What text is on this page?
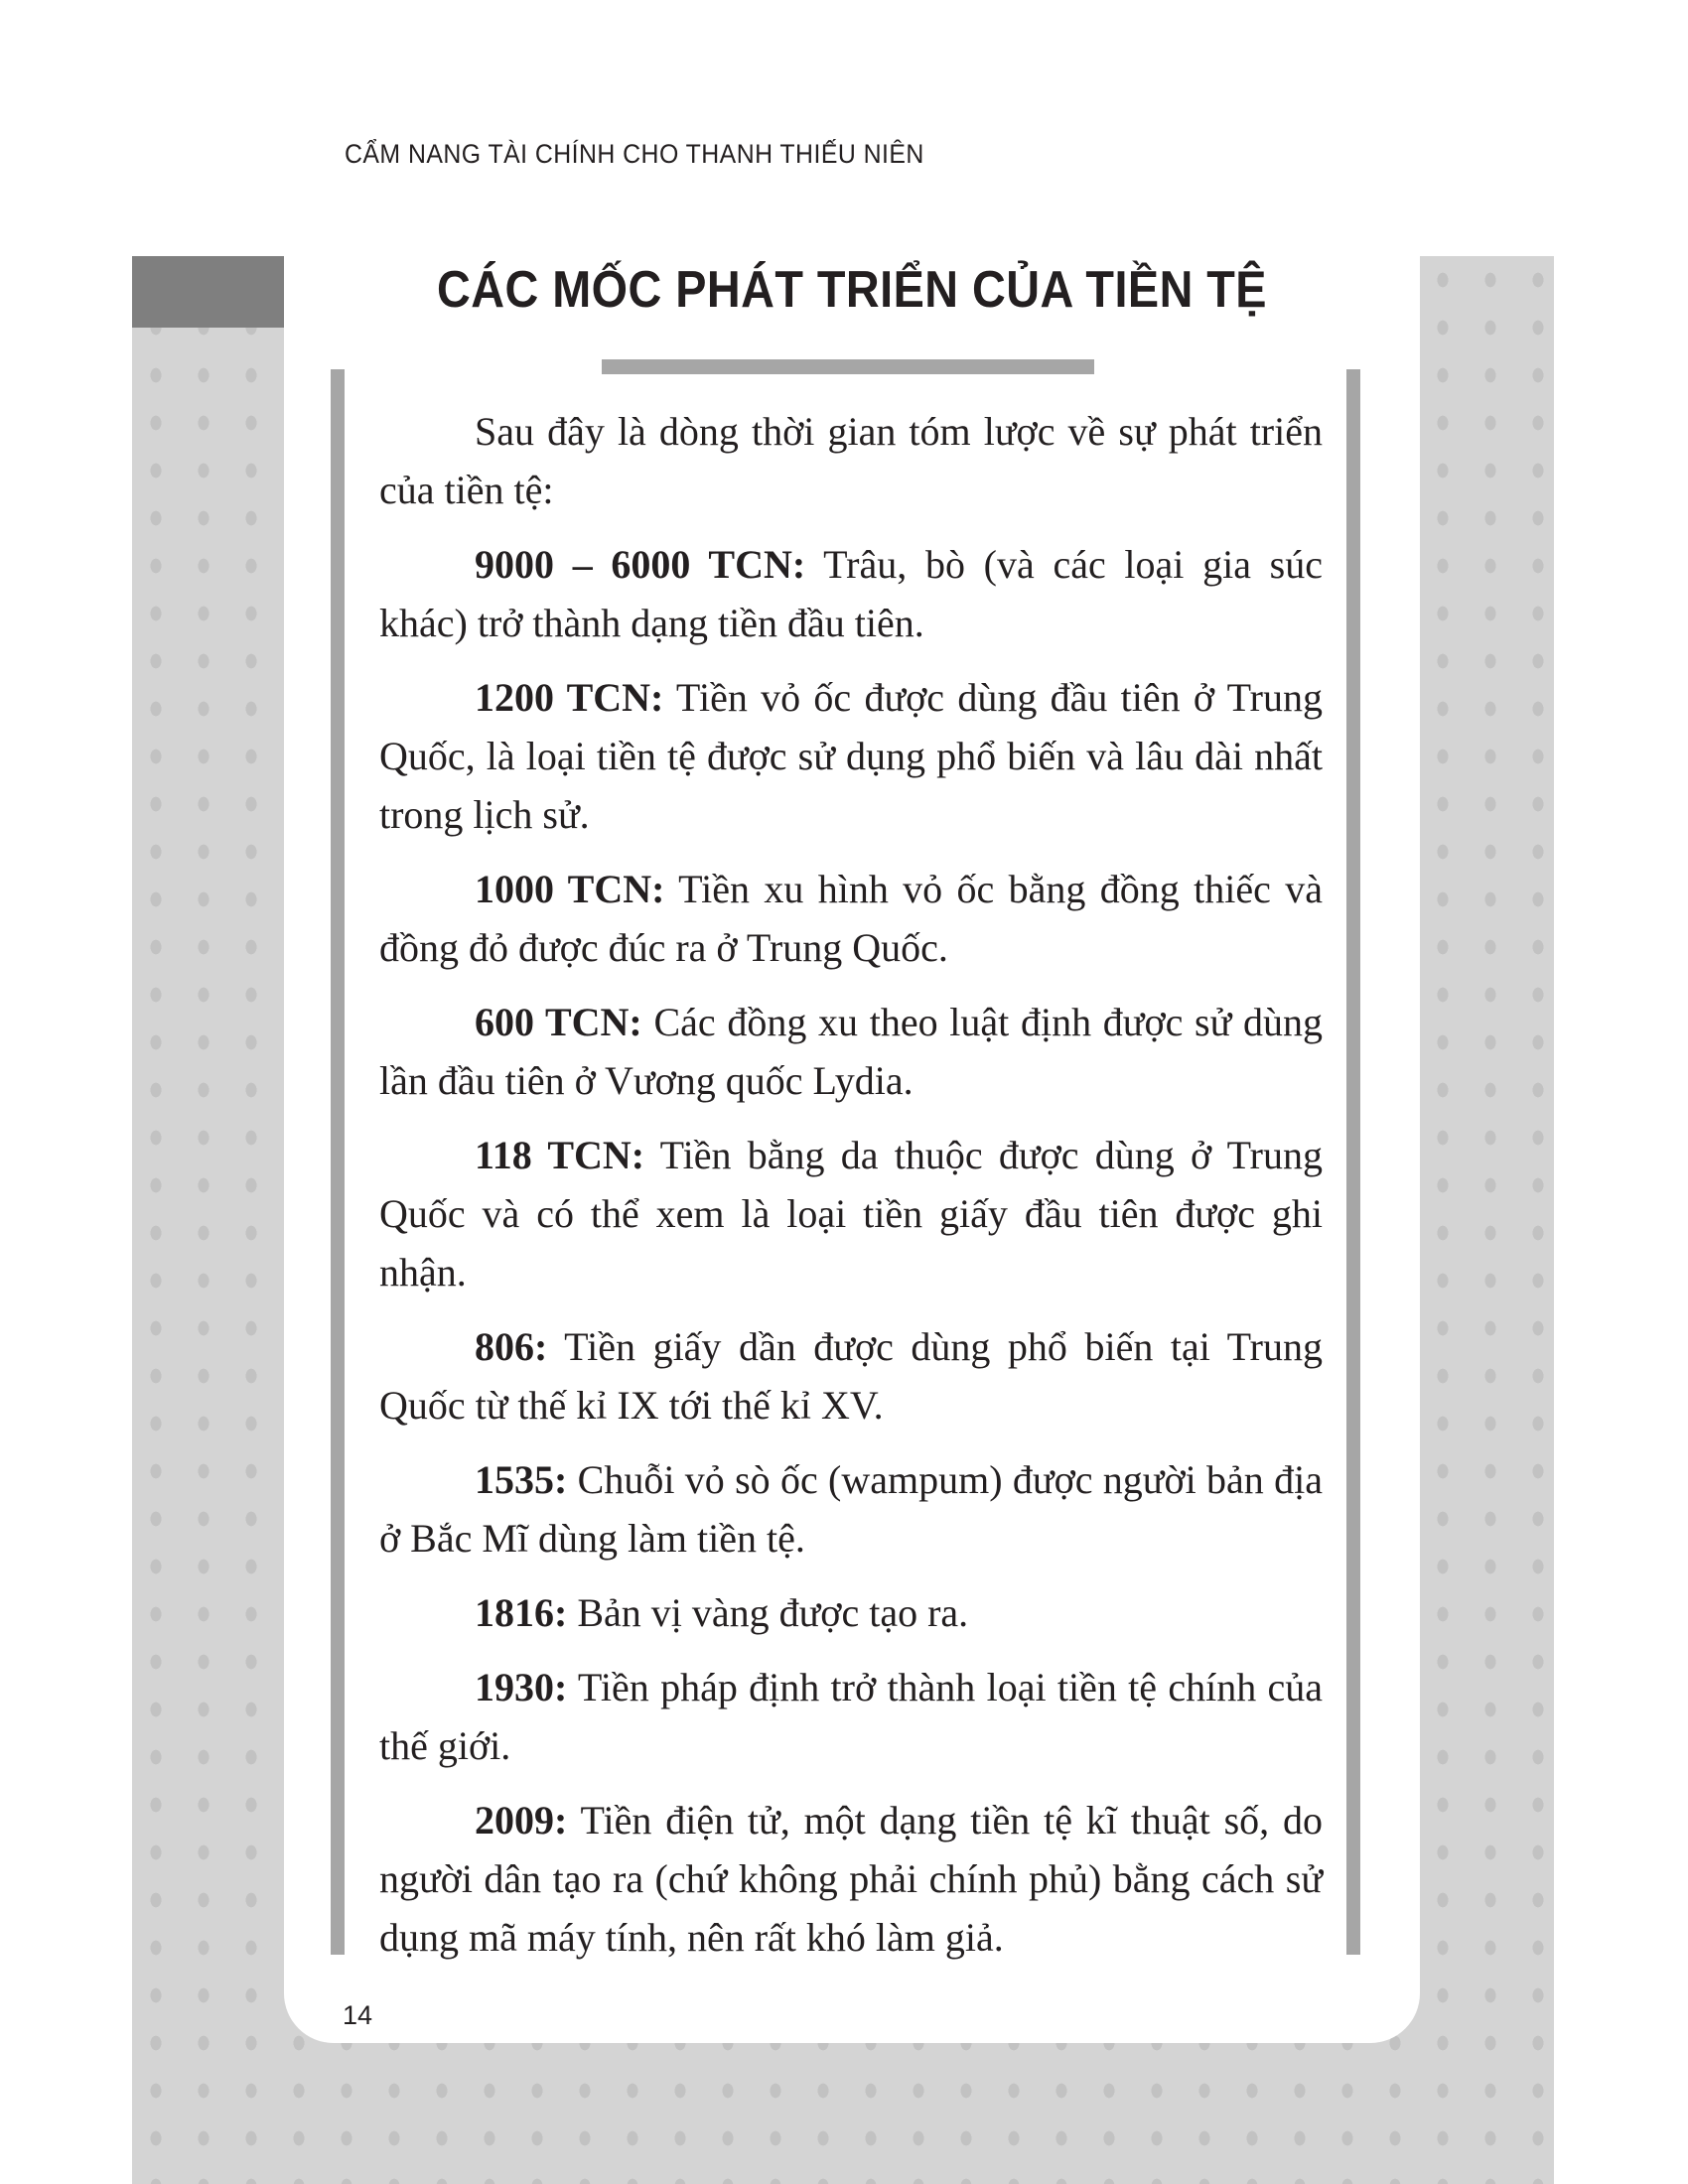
CẨM NANG TÀI CHÍNH CHO THANH THIẾU NIÊN
CÁC MỐC PHÁT TRIỂN CỦA TIỀN TỆ

Sau đây là dòng thời gian tóm lược về sự phát triển của tiền tệ:

9000 – 6000 TCN: Trâu, bò (và các loại gia súc khác) trở thành dạng tiền đầu tiên.

1200 TCN: Tiền vỏ ốc được dùng đầu tiên ở Trung Quốc, là loại tiền tệ được sử dụng phổ biến và lâu dài nhất trong lịch sử.

1000 TCN: Tiền xu hình vỏ ốc bằng đồng thiếc và đồng đỏ được đúc ra ở Trung Quốc.

600 TCN: Các đồng xu theo luật định được sử dùng lần đầu tiên ở Vương quốc Lydia.

118 TCN: Tiền bằng da thuộc được dùng ở Trung Quốc và có thể xem là loại tiền giấy đầu tiên được ghi nhận.

806: Tiền giấy dần được dùng phổ biến tại Trung Quốc từ thế kỉ IX tới thế kỉ XV.

1535: Chuỗi vỏ sò ốc (wampum) được người bản địa ở Bắc Mĩ dùng làm tiền tệ.

1816: Bản vị vàng được tạo ra.

1930: Tiền pháp định trở thành loại tiền tệ chính của thế giới.

2009: Tiền điện tử, một dạng tiền tệ kĩ thuật số, do người dân tạo ra (chứ không phải chính phủ) bằng cách sử dụng mã máy tính, nên rất khó làm giả.

14
